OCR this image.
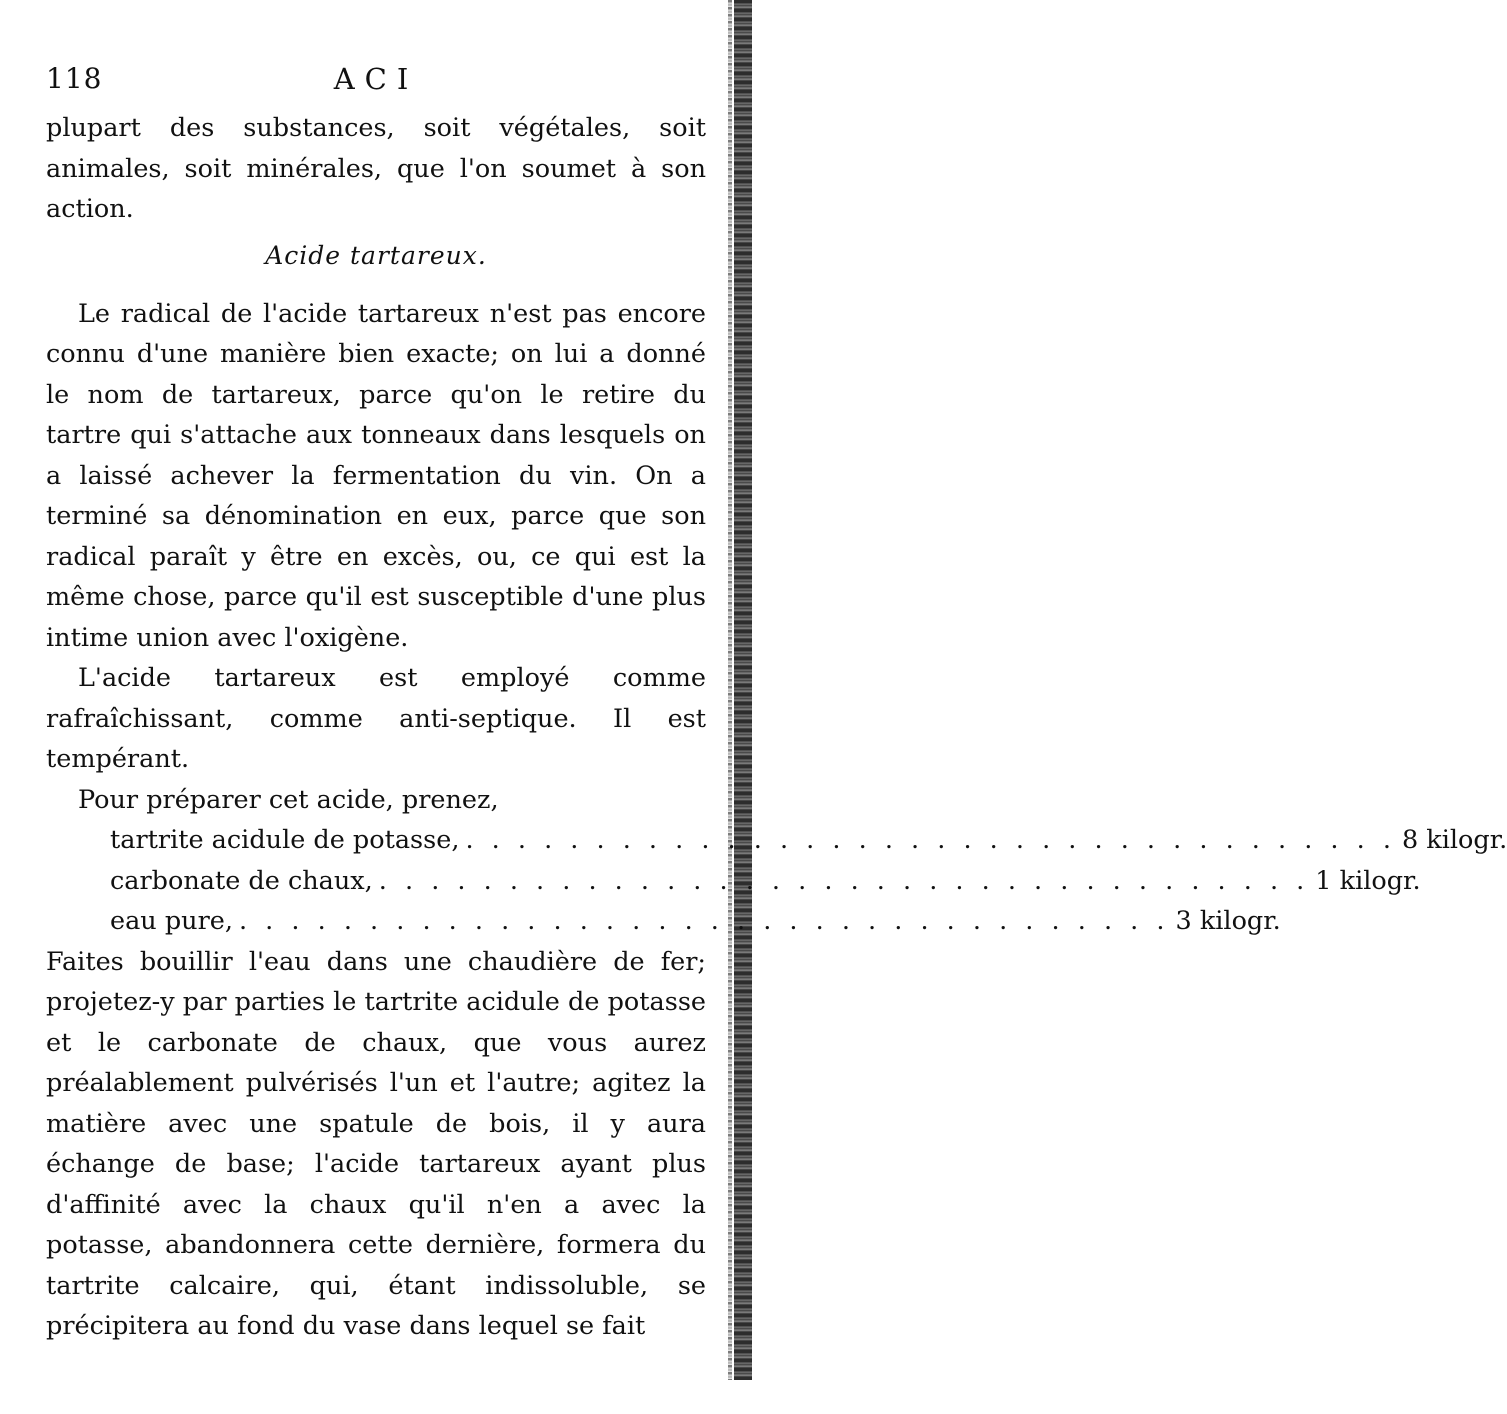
118	ACI

plupart des substances, soit végétales, soit animales, soit minérales, que l'on soumet à son action.

Acide tartareux.

Le radical de l'acide tartareux n'est pas encore connu d'une manière bien exacte; on lui a donné le nom de tartareux, parce qu'on le retire du tartre qui s'attache aux tonneaux dans lesquels on a laissé achever la fermentation du vin. On a terminé sa dénomination en eux, parce que son radical paraît y être en excès, ou, ce qui est la même chose, parce qu'il est susceptible d'une plus intime union avec l'oxigène.

L'acide tartareux est employé comme rafraîchissant, comme anti-septique. Il est tempérant.

Pour préparer cet acide, prenez,

tartrite acidule de potasse, . . . . . . . . . . . . . . . . . . . . . . . . . . . . . . . . . . . . 8 kilogr.
carbonate de chaux, . . . . . . . . . . . . . . . . . . . . . . . . . . . . . . . . . . . . 1 kilogr.
eau pure, . . . . . . . . . . . . . . . . . . . . . . . . . . . . . . . . . . . . 3 kilogr.

Faites bouillir l'eau dans une chaudière de fer; projetez-y par parties le tartrite acidule de potasse et le carbonate de chaux, que vous aurez préalablement pulvérisés l'un et l'autre; agitez la matière avec une spatule de bois, il y aura échange de base; l'acide tartareux ayant plus d'affinité avec la chaux qu'il n'en a avec la potasse, abandonnera cette dernière, formera du tartrite calcaire, qui, étant indissoluble, se précipitera au fond du vase dans lequel se fait
